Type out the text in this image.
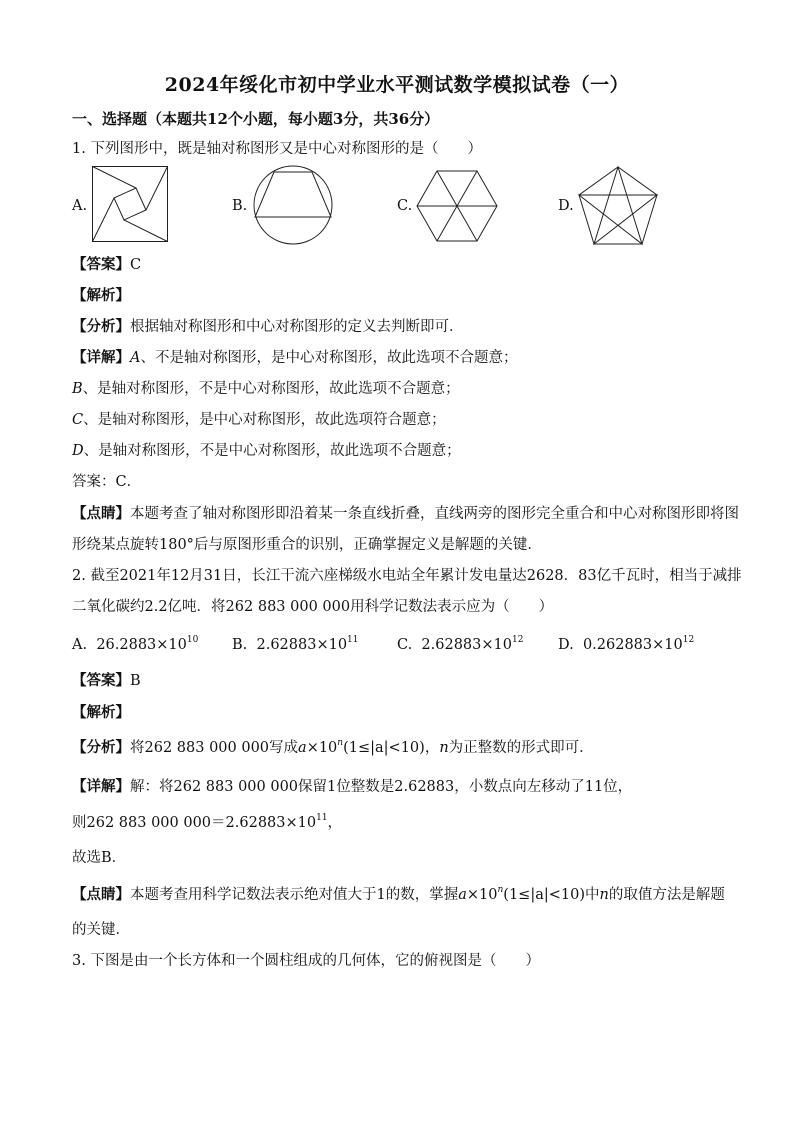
2024年绥化市初中学业水平测试数学模拟试卷（一）
一、选择题（本题共12个小题，每小题3分，共36分）
1. 下列图形中，既是轴对称图形又是中心对称图形的是（　　）
A.	B.	C.	D.
【答案】C
【解析】
【分析】根据轴对称图形和中心对称图形的定义去判断即可．
【详解】A、不是轴对称图形，是中心对称图形，故此选项不合题意；
B、是轴对称图形，不是中心对称图形，故此选项不合题意；
C、是轴对称图形，是中心对称图形，故此选项符合题意；
D、是轴对称图形，不是中心对称图形，故此选项不合题意；
答案：C．
【点睛】本题考查了轴对称图形即沿着某一条直线折叠，直线两旁的图形完全重合和中心对称图形即将图
形绕某点旋转180°后与原图形重合的识别，正确掌握定义是解题的关键．
2. 截至2021年12月31日，长江干流六座梯级水电站全年累计发电量达2628．83亿千瓦时，相当于减排
二氧化碳约2.2亿吨．将262 883 000 000用科学记数法表示应为（　　）
A. $26.2883\times 10^{10}$ B. $2.62883\times 10^{11}$	C. $2.62883\times 10^{12}$ D. $0.262883\times 10^{12}$
【答案】B
【解析】
【分析】将262 883 000 000写成$a\times 10^n(1\le|a|<10)$，n为正整数的形式即可．
【详解】解：将262 883 000 000保留1位整数是2.62883，小数点向左移动了11位，
则262 883 000 $000=2.62883\times 10^{11}$，
故选B．
【点睛】本题考查用科学记数法表示绝对值大于1的数，掌握$a\times 10^n(1\le|a|<10)$中n的取值方法是解题
的关键．
3. 下图是由一个长方体和一个圆柱组成的几何体，它的俯视图是（　　）
